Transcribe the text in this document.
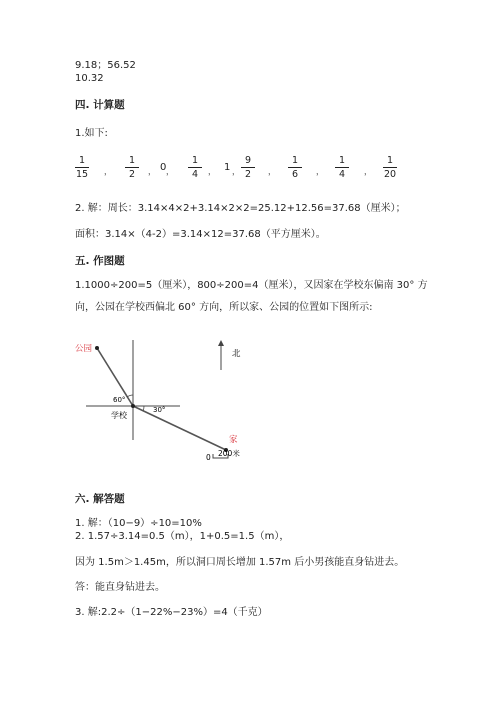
9.18；56.52
10.32
四. 计算题
1.如下:
1
15 ，
1
2	， 0 ，
1
4	， 1 ，
9
2	，
1
6	，
1
4	，
1
20
2. 解：周长：3.14×4×2+3.14×2×2=25.12+12.56=37.68（厘米）；
面积：3.14×（4-2）=3.14×12=37.68（平方厘米）。
五. 作图题
1.1000÷200=5（厘米），800÷200=4（厘米），又因家在学校东偏南 30° 方
向，公园在学校西偏北 60° 方向，所以家、公园的位置如下图所示:
公园
学校
家
北
60°
30°
0 200米
六. 解答题
1. 解：（10−9）÷10=10%
2. 1.57÷3.14=0.5（m），1+0.5=1.5（m），
因为 1.5m＞1.45m，所以洞口周长增加 1.57m 后小男孩能直身钻进去。
答：能直身钻进去。
3. 解:2.2÷（1−22%−23%）=4（千克）
